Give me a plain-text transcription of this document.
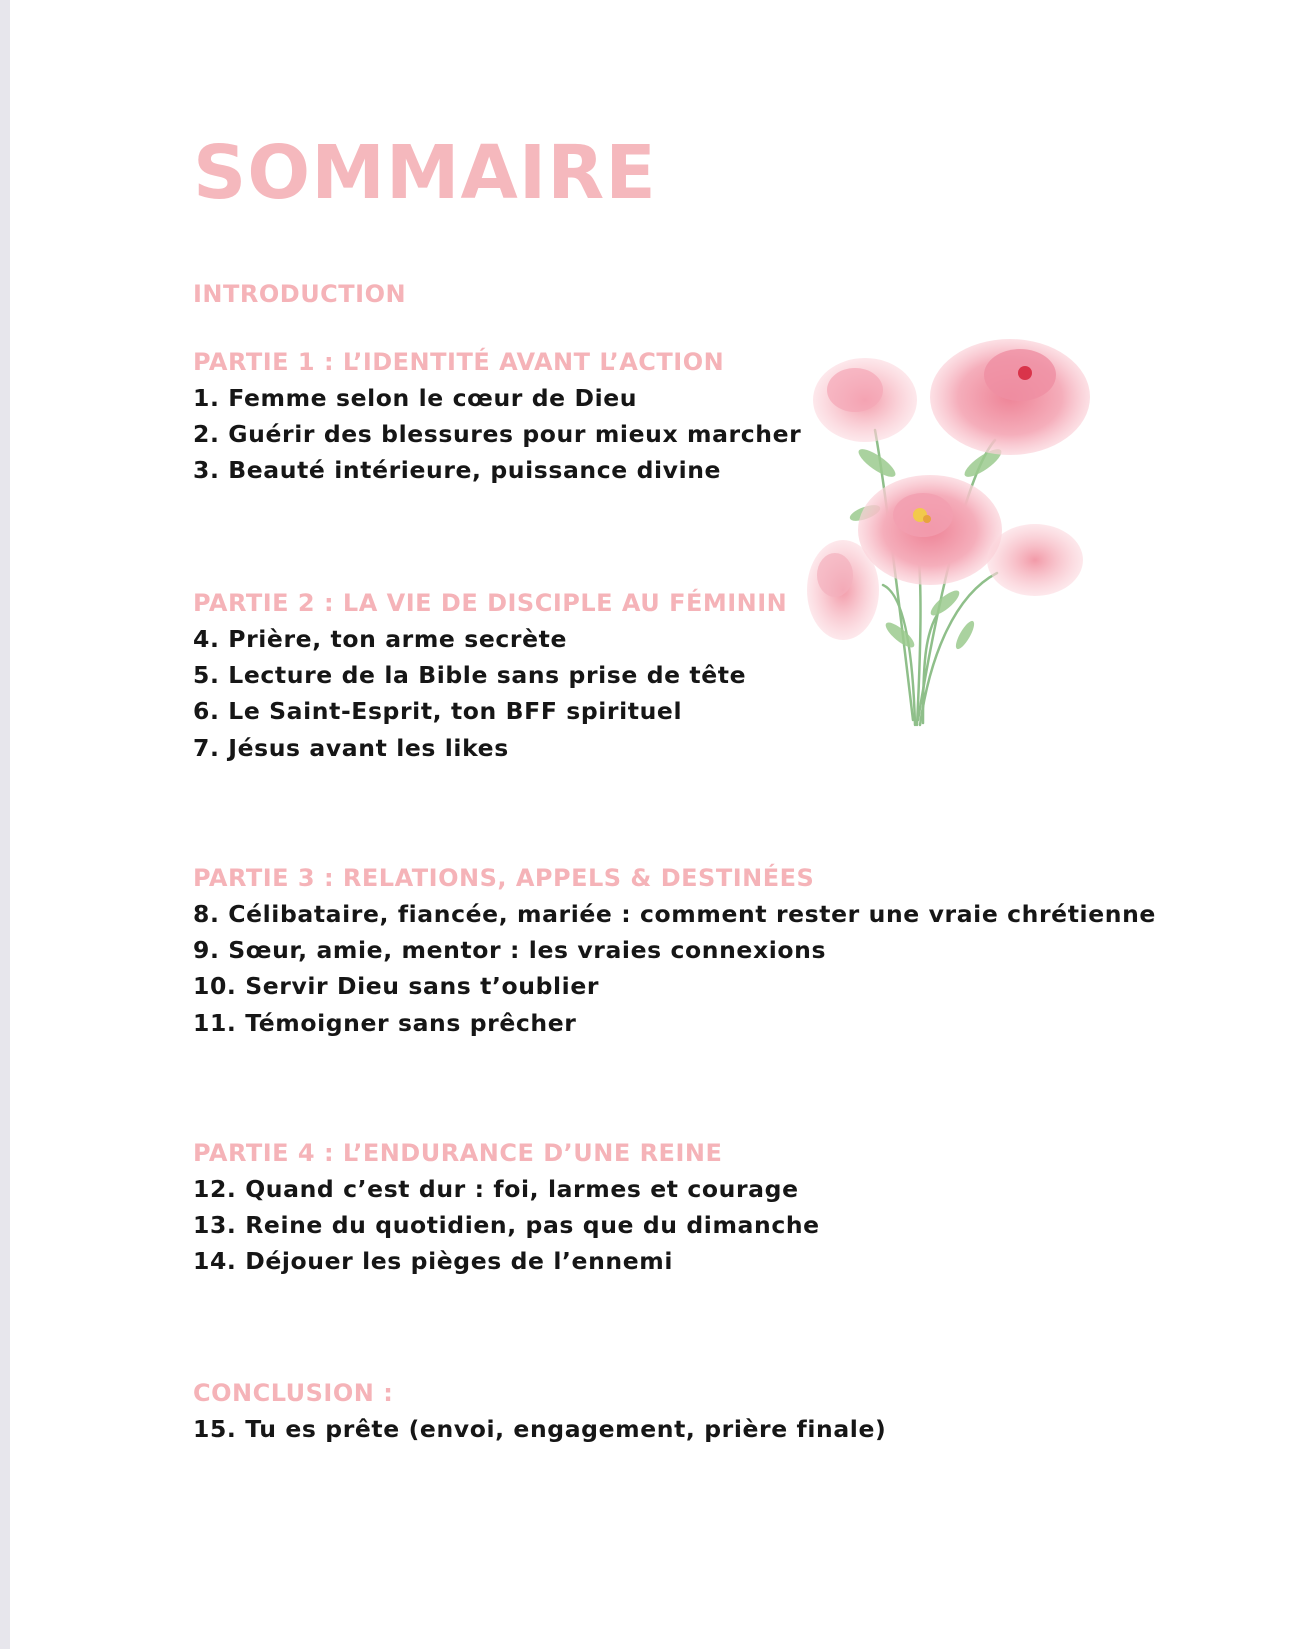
SOMMAIRE
INTRODUCTION
PARTIE 1 : L’IDENTITÉ AVANT L’ACTION
1. Femme selon le cœur de Dieu
2. Guérir des blessures pour mieux marcher
3. Beauté intérieure, puissance divine
PARTIE 2 : LA VIE DE DISCIPLE AU FÉMININ
4. Prière, ton arme secrète
5. Lecture de la Bible sans prise de tête
6. Le Saint-Esprit, ton BFF spirituel
7. Jésus avant les likes
PARTIE 3 : RELATIONS, APPELS & DESTINÉES
8. Célibataire, fiancée, mariée : comment rester une vraie chrétienne
9. Sœur, amie, mentor : les vraies connexions
10. Servir Dieu sans t’oublier
11. Témoigner sans prêcher
PARTIE 4 : L’ENDURANCE D’UNE REINE
12. Quand c’est dur : foi, larmes et courage
13. Reine du quotidien, pas que du dimanche
14. Déjouer les pièges de l’ennemi
CONCLUSION :
15. Tu es prête (envoi, engagement, prière finale)
